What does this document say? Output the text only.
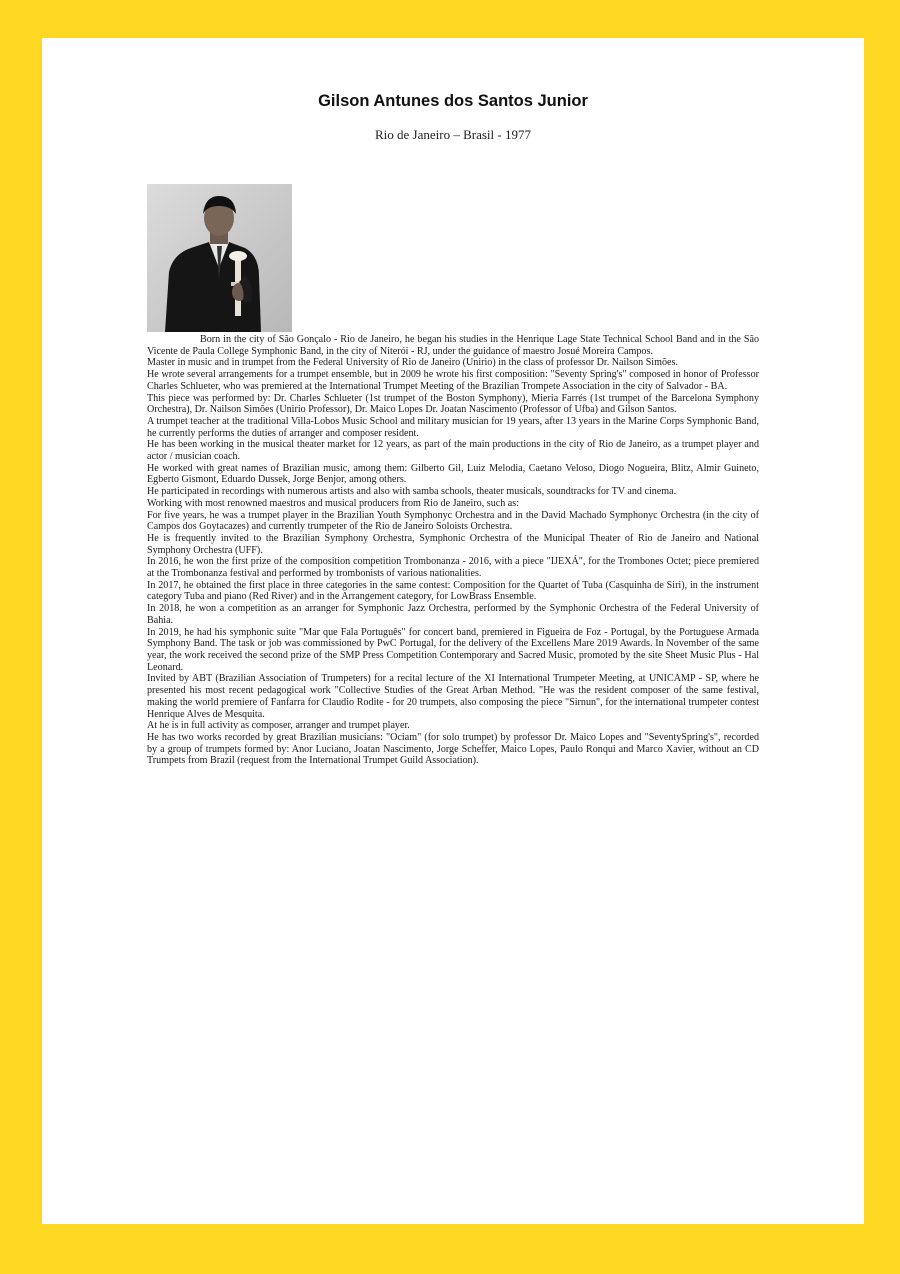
Gilson Antunes dos Santos Junior

Rio de Janeiro – Brasil - 1977

Born in the city of São Gonçalo - Rio de Janeiro, he began his studies in the Henrique Lage State Technical School Band and in the São Vicente de Paula College Symphonic Band, in the city of Niterói - RJ, under the guidance of maestro Josué Moreira Campos.

Master in music and in trumpet from the Federal University of Rio de Janeiro (Unirio) in the class of professor Dr. Nailson Simões.

He wrote several arrangements for a trumpet ensemble, but in 2009 he wrote his first composition: "Seventy Spring's" composed in honor of Professor Charles Schlueter, who was premiered at the International Trumpet Meeting of the Brazilian Trompete Association in the city of Salvador - BA.

This piece was performed by: Dr. Charles Schlueter (1st trumpet of the Boston Symphony), Mieria Farrés (1st trumpet of the Barcelona Symphony Orchestra), Dr. Nailson Simões (Unirio Professor), Dr. Maico Lopes Dr. Joatan Nascimento (Professor of Ufba) and Gilson Santos.

A trumpet teacher at the traditional Villa-Lobos Music School and military musician for 19 years, after 13 years in the Marine Corps Symphonic Band, he currently performs the duties of arranger and composer resident.

He has been working in the musical theater market for 12 years, as part of the main productions in the city of Rio de Janeiro, as a trumpet player and actor / musician coach.

He worked with great names of Brazilian music, among them: Gilberto Gil, Luiz Melodia, Caetano Veloso, Diogo Nogueira, Blitz, Almir Guineto, Egberto Gismont, Eduardo Dussek, Jorge Benjor, among others.

He participated in recordings with numerous artists and also with samba schools, theater musicals, soundtracks for TV and cinema.

Working with most renowned maestros and musical producers from Rio de Janeiro, such as:

For five years, he was a trumpet player in the Brazilian Youth Symphonyc Orchestra and in the David Machado Symphonyc Orchestra (in the city of Campos dos Goytacazes) and currently trumpeter of the Rio de Janeiro Soloists Orchestra.

He is frequently invited to the Brazilian Symphony Orchestra, Symphonic Orchestra of the Municipal Theater of Rio de Janeiro and National Symphony Orchestra (UFF).

In 2016, he won the first prize of the composition competition Trombonanza - 2016, with a piece "IJEXÁ", for the Trombones Octet; piece premiered at the Trombonanza festival and performed by trombonists of various nationalities.

In 2017, he obtained the first place in three categories in the same contest: Composition for the Quartet of Tuba (Casquinha de Siri), in the instrument category Tuba and piano (Red River) and in the Arrangement category, for LowBrass Ensemble.

In 2018, he won a competition as an arranger for Symphonic Jazz Orchestra, performed by the Symphonic Orchestra of the Federal University of Bahia.

In 2019, he had his symphonic suite "Mar que Fala Português" for concert band, premiered in Figueira de Foz - Portugal, by the Portuguese Armada Symphony Band. The task or job was commissioned by PwC Portugal, for the delivery of the Excellens Mare 2019 Awards. In November of the same year, the work received the second prize of the SMP Press Competition Contemporary and Sacred Music, promoted by the site Sheet Music Plus - Hal Leonard.

Invited by ABT (Brazilian Association of Trumpeters) for a recital lecture of the XI International Trumpeter Meeting, at UNICAMP - SP, where he presented his most recent pedagogical work "Collective Studies of the Great Arban Method. "He was the resident composer of the same festival, making the world premiere of Fanfarra for Claudio Rodite - for 20 trumpets, also composing the piece "Sirnun", for the international trumpeter contest Henrique Alves de Mesquita.

At he is in full activity as composer, arranger and trumpet player.

He has two works recorded by great Brazilian musicians: "Ociam" (for solo trumpet) by professor Dr. Maico Lopes and "SeventySpring's", recorded by a group of trumpets formed by: Anor Luciano, Joatan Nascimento, Jorge Scheffer, Maico Lopes, Paulo Ronqui and Marco Xavier, without an CD Trumpets from Brazil (request from the International Trumpet Guild Association).
